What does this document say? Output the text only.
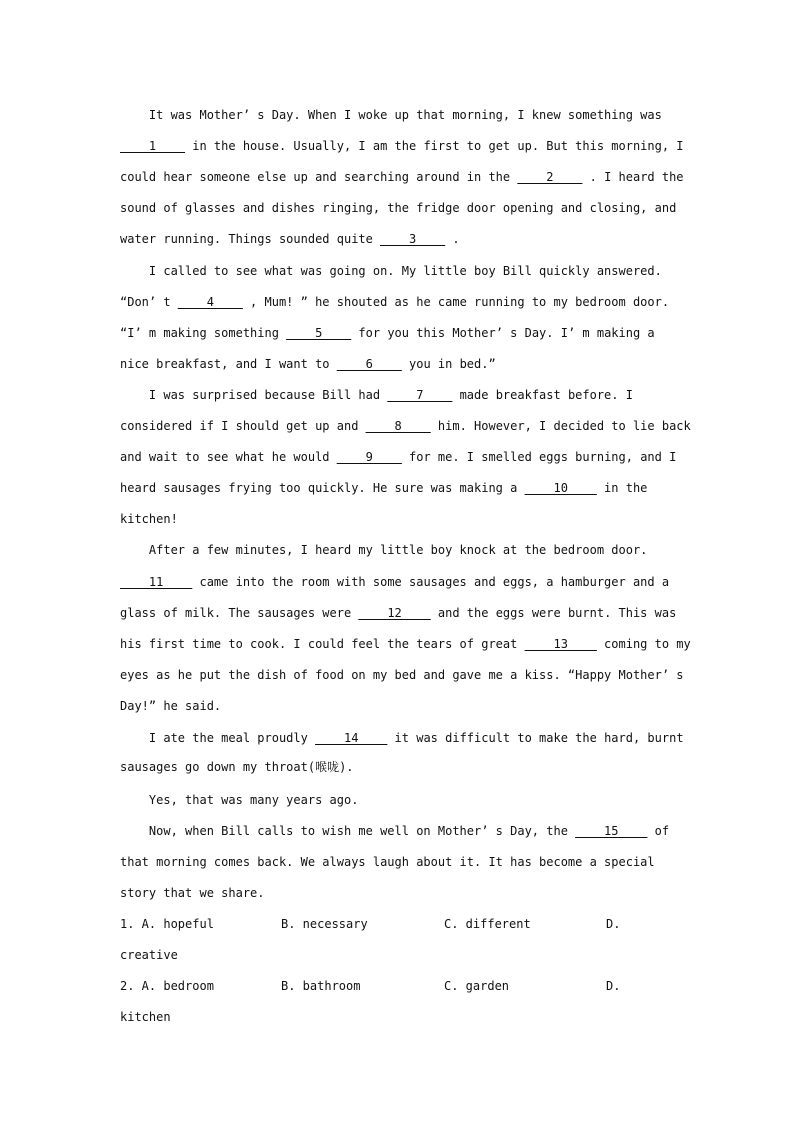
It was Mother’ s Day. When I woke up that morning, I knew something was
____1____ in the house. Usually, I am the first to get up. But this morning, I
could hear someone else up and searching around in the ____2____ . I heard the
sound of glasses and dishes ringing, the fridge door opening and closing, and
water running. Things sounded quite ____3____ .
I called to see what was going on. My little boy Bill quickly answered.
“Don’ t ____4____ , Mum! ” he shouted as he came running to my bedroom door.
“I’ m making something ____5____ for you this Mother’ s Day. I’ m making a
nice breakfast, and I want to ____6____ you in bed.”
I was surprised because Bill had ____7____ made breakfast before. I
considered if I should get up and ____8____ him. However, I decided to lie back
and wait to see what he would ____9____ for me. I smelled eggs burning, and I
heard sausages frying too quickly. He sure was making a ____10____ in the
kitchen!
After a few minutes, I heard my little boy knock at the bedroom door.
____11____ came into the room with some sausages and eggs, a hamburger and a
glass of milk. The sausages were ____12____ and the eggs were burnt. This was
his first time to cook. I could feel the tears of great ____13____ coming to my
eyes as he put the dish of food on my bed and gave me a kiss. “Happy Mother’ s
Day!” he said.
I ate the meal proudly ____14____ it was difficult to make the hard, burnt
sausages go down my throat(喉咙).
Yes, that was many years ago.
Now, when Bill calls to wish me well on Mother’ s Day, the ____15____ of
that morning comes back. We always laugh about it. It has become a special
story that we share.
1. A. hopeful	B. necessary	C. different	D.
creative
2. A. bedroom	B. bathroom	C. garden	D.
kitchen
